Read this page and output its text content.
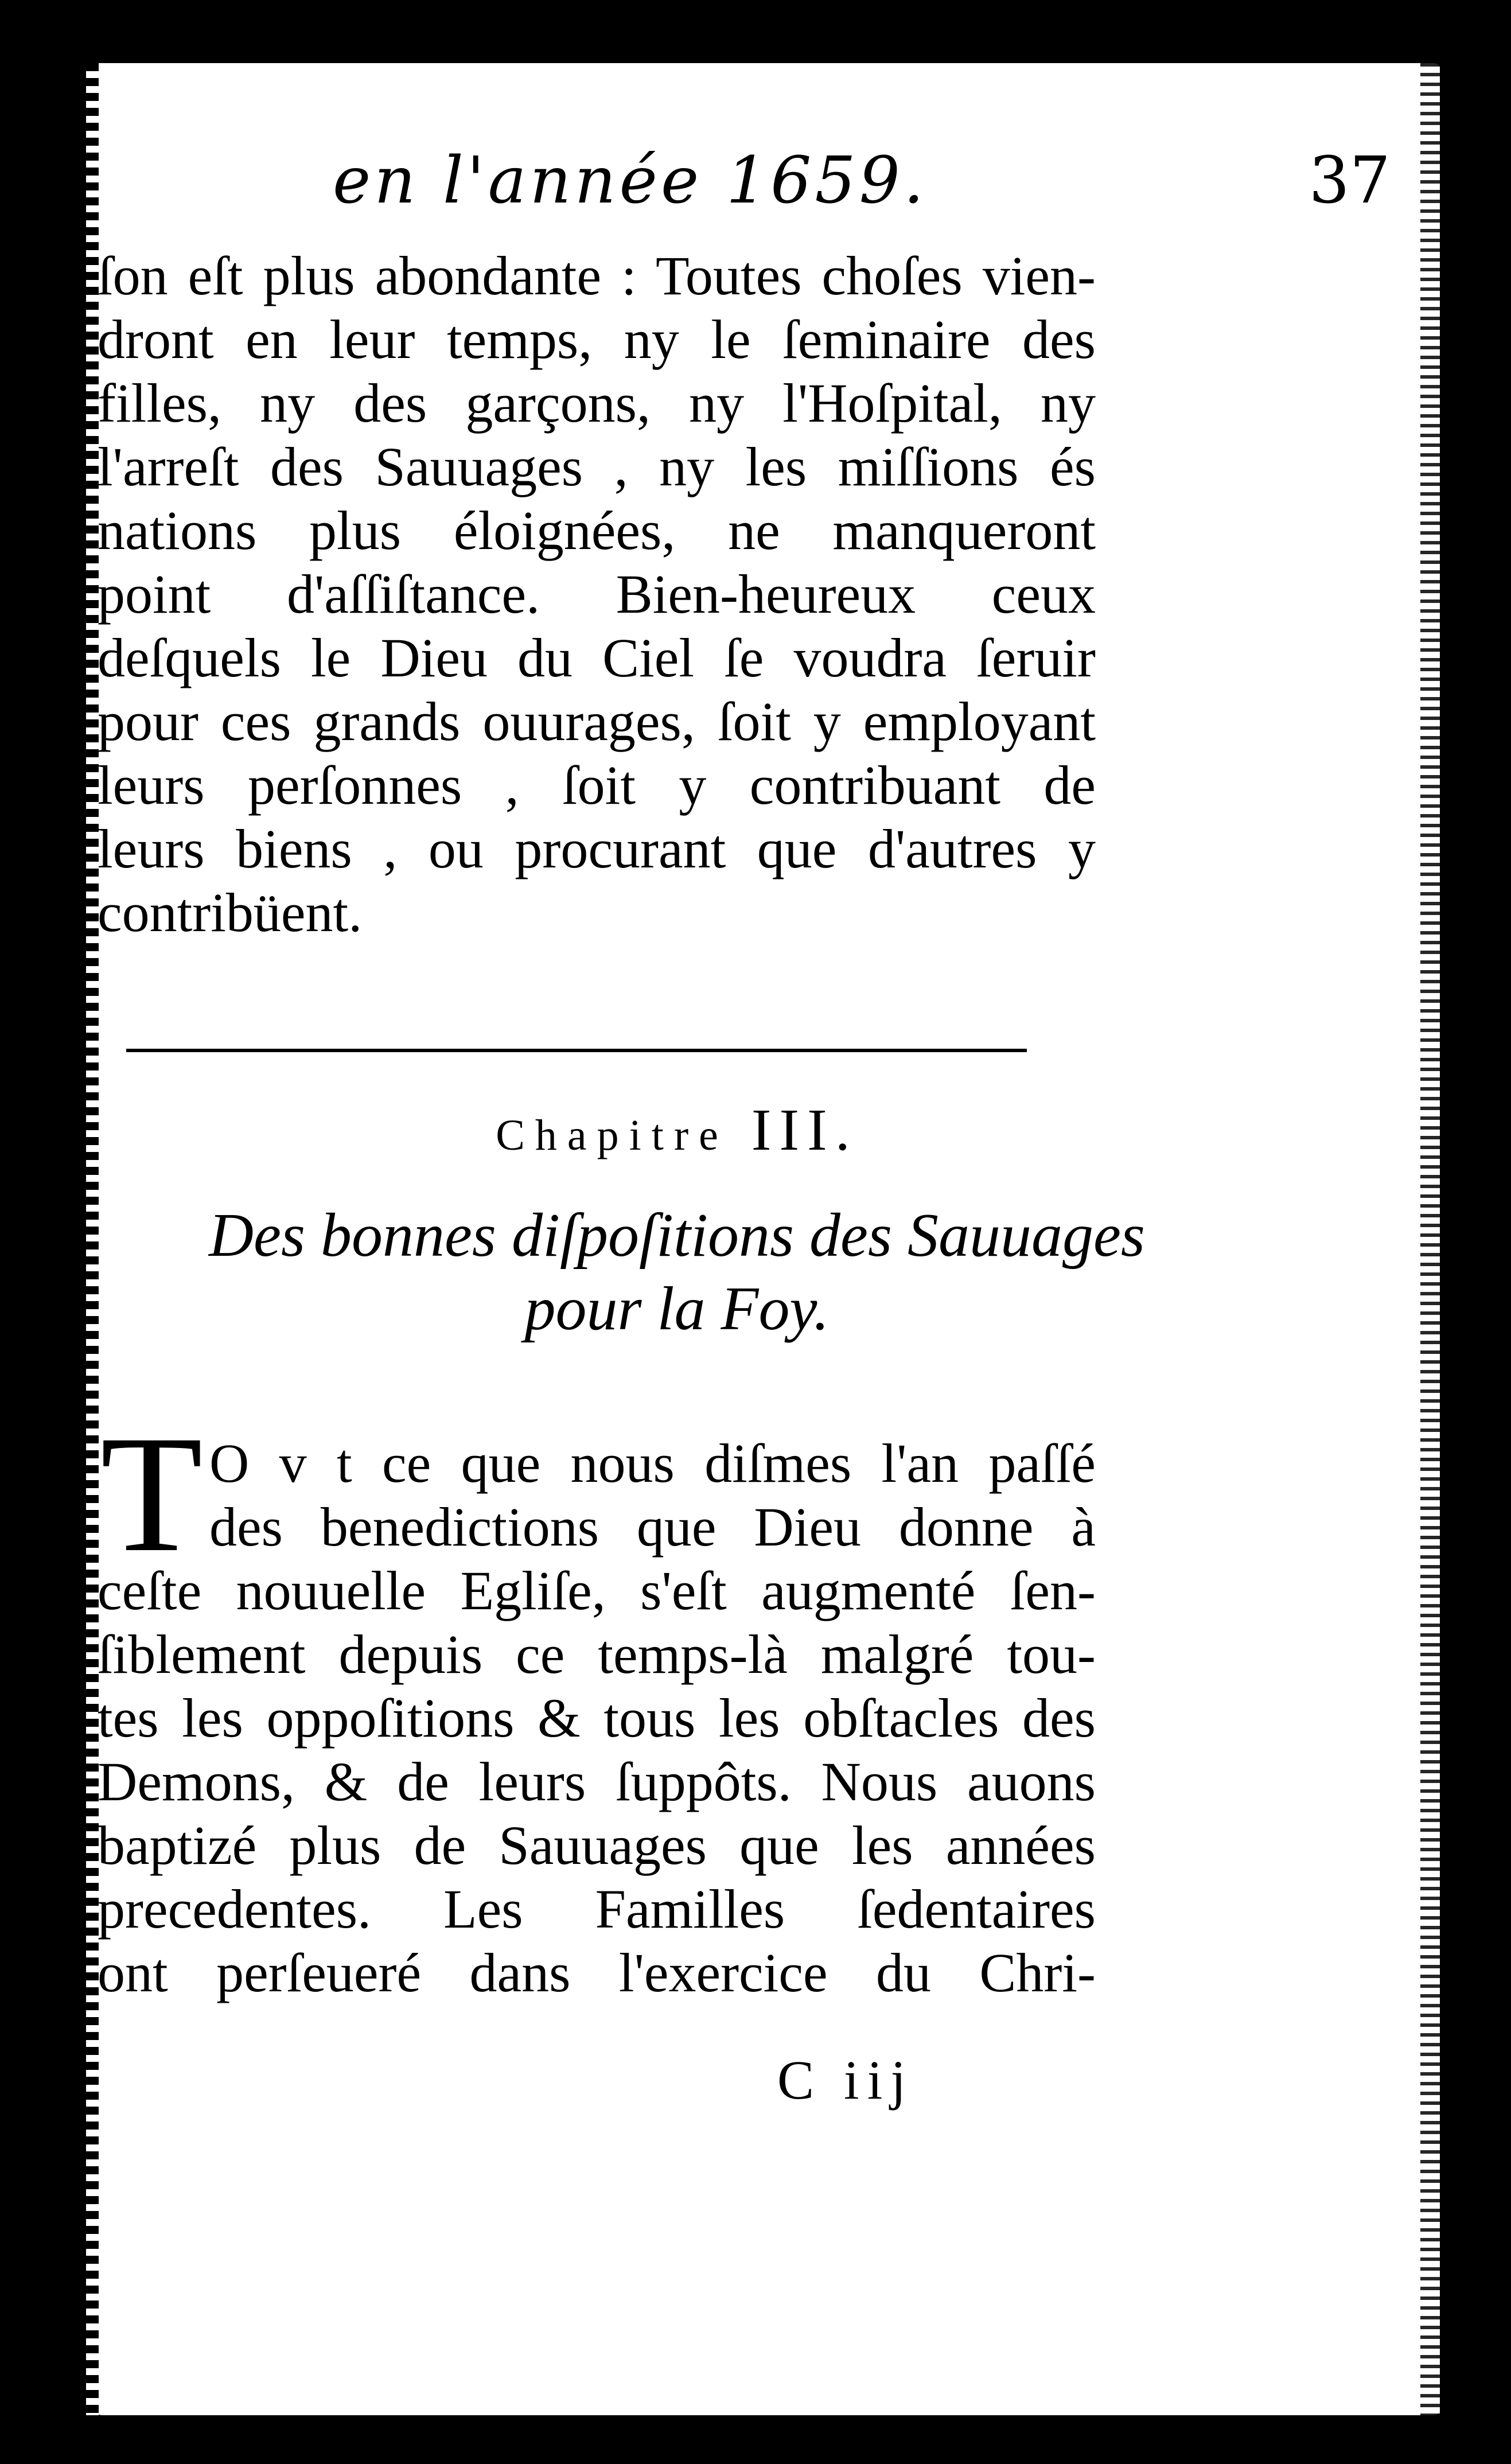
en l'année 1659.	37
ſon eſt plus abondante : Toutes choſes vien-
dront en leur temps, ny le ſeminaire des
filles, ny des garçons, ny l'Hoſpital, ny
l'arreſt des Sauuages , ny les miſſions és
nations plus éloignées, ne manqueront
point d'aſſiſtance. Bien-heureux ceux
deſquels le Dieu du Ciel ſe voudra ſeruir
pour ces grands ouurages, ſoit y employant
leurs perſonnes , ſoit y contribuant de
leurs biens , ou procurant que d'autres y
contribüent.
Chapitre III.
Des bonnes diſpoſitions des Sauuages
pour la Foy.
T O v t ce que nous diſmes l'an paſſé
des benedictions que Dieu donne à
ceſte nouuelle Egliſe, s'eſt augmenté ſen-
ſiblement depuis ce temps-là malgré tou-
tes les oppoſitions & tous les obſtacles des
Demons, & de leurs ſuppôts. Nous auons
baptizé plus de Sauuages que les années
precedentes. Les Familles ſedentaires
ont perſeueré dans l'exercice du Chri-
C iij
